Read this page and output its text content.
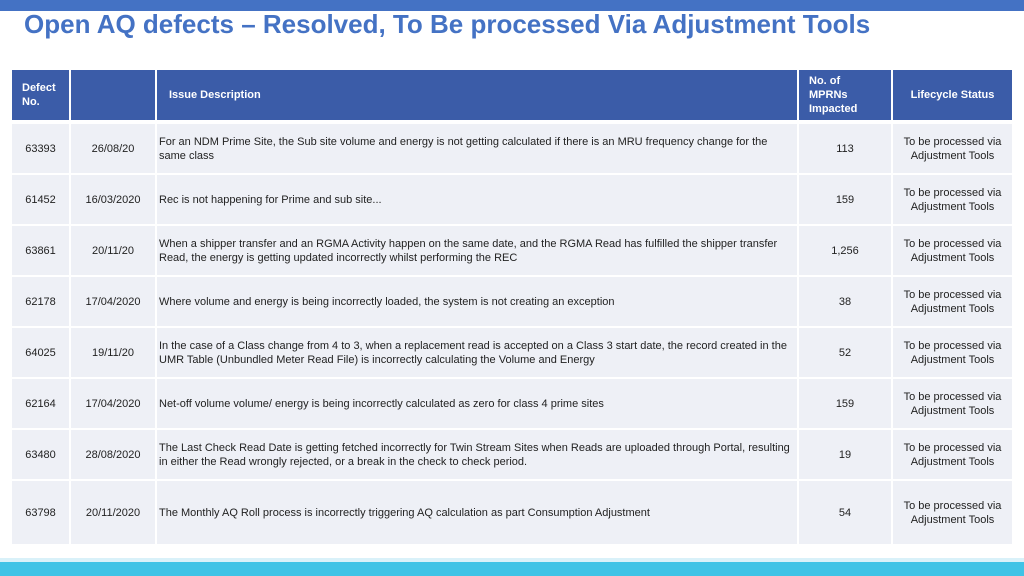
Open AQ defects – Resolved, To Be processed Via Adjustment Tools
Defect No.		Issue Description	No. of MPRNs Impacted	Lifecycle Status
63393	26/08/20	For an NDM Prime Site, the Sub site volume and energy is not getting calculated if there is an MRU frequency change for the same class	113	To be processed via Adjustment Tools
61452	16/03/2020	Rec is not happening for Prime and sub site...	159	To be processed via Adjustment Tools
63861	20/11/20	When a shipper transfer and an RGMA Activity happen on the same date, and the RGMA Read has fulfilled the shipper transfer Read, the energy is getting updated incorrectly whilst performing the REC	1,256	To be processed via Adjustment Tools
62178	17/04/2020	Where volume and energy is being incorrectly loaded, the system is not creating an exception	38	To be processed via Adjustment Tools
64025	19/11/20	In the case of a Class change from 4 to 3, when a replacement read is accepted on a Class 3 start date, the record created in the UMR Table (Unbundled Meter Read File) is incorrectly calculating the Volume and Energy	52	To be processed via Adjustment Tools
62164	17/04/2020	Net-off volume volume/ energy is being incorrectly calculated as zero for class 4 prime sites	159	To be processed via Adjustment Tools
63480	28/08/2020	The Last Check Read Date is getting fetched incorrectly for Twin Stream Sites when Reads are uploaded through Portal, resulting in either the Read wrongly rejected, or a break in the check to check period.	19	To be processed via Adjustment Tools
63798	20/11/2020	The Monthly AQ Roll process is incorrectly triggering AQ calculation as part Consumption Adjustment	54	To be processed via Adjustment Tools
